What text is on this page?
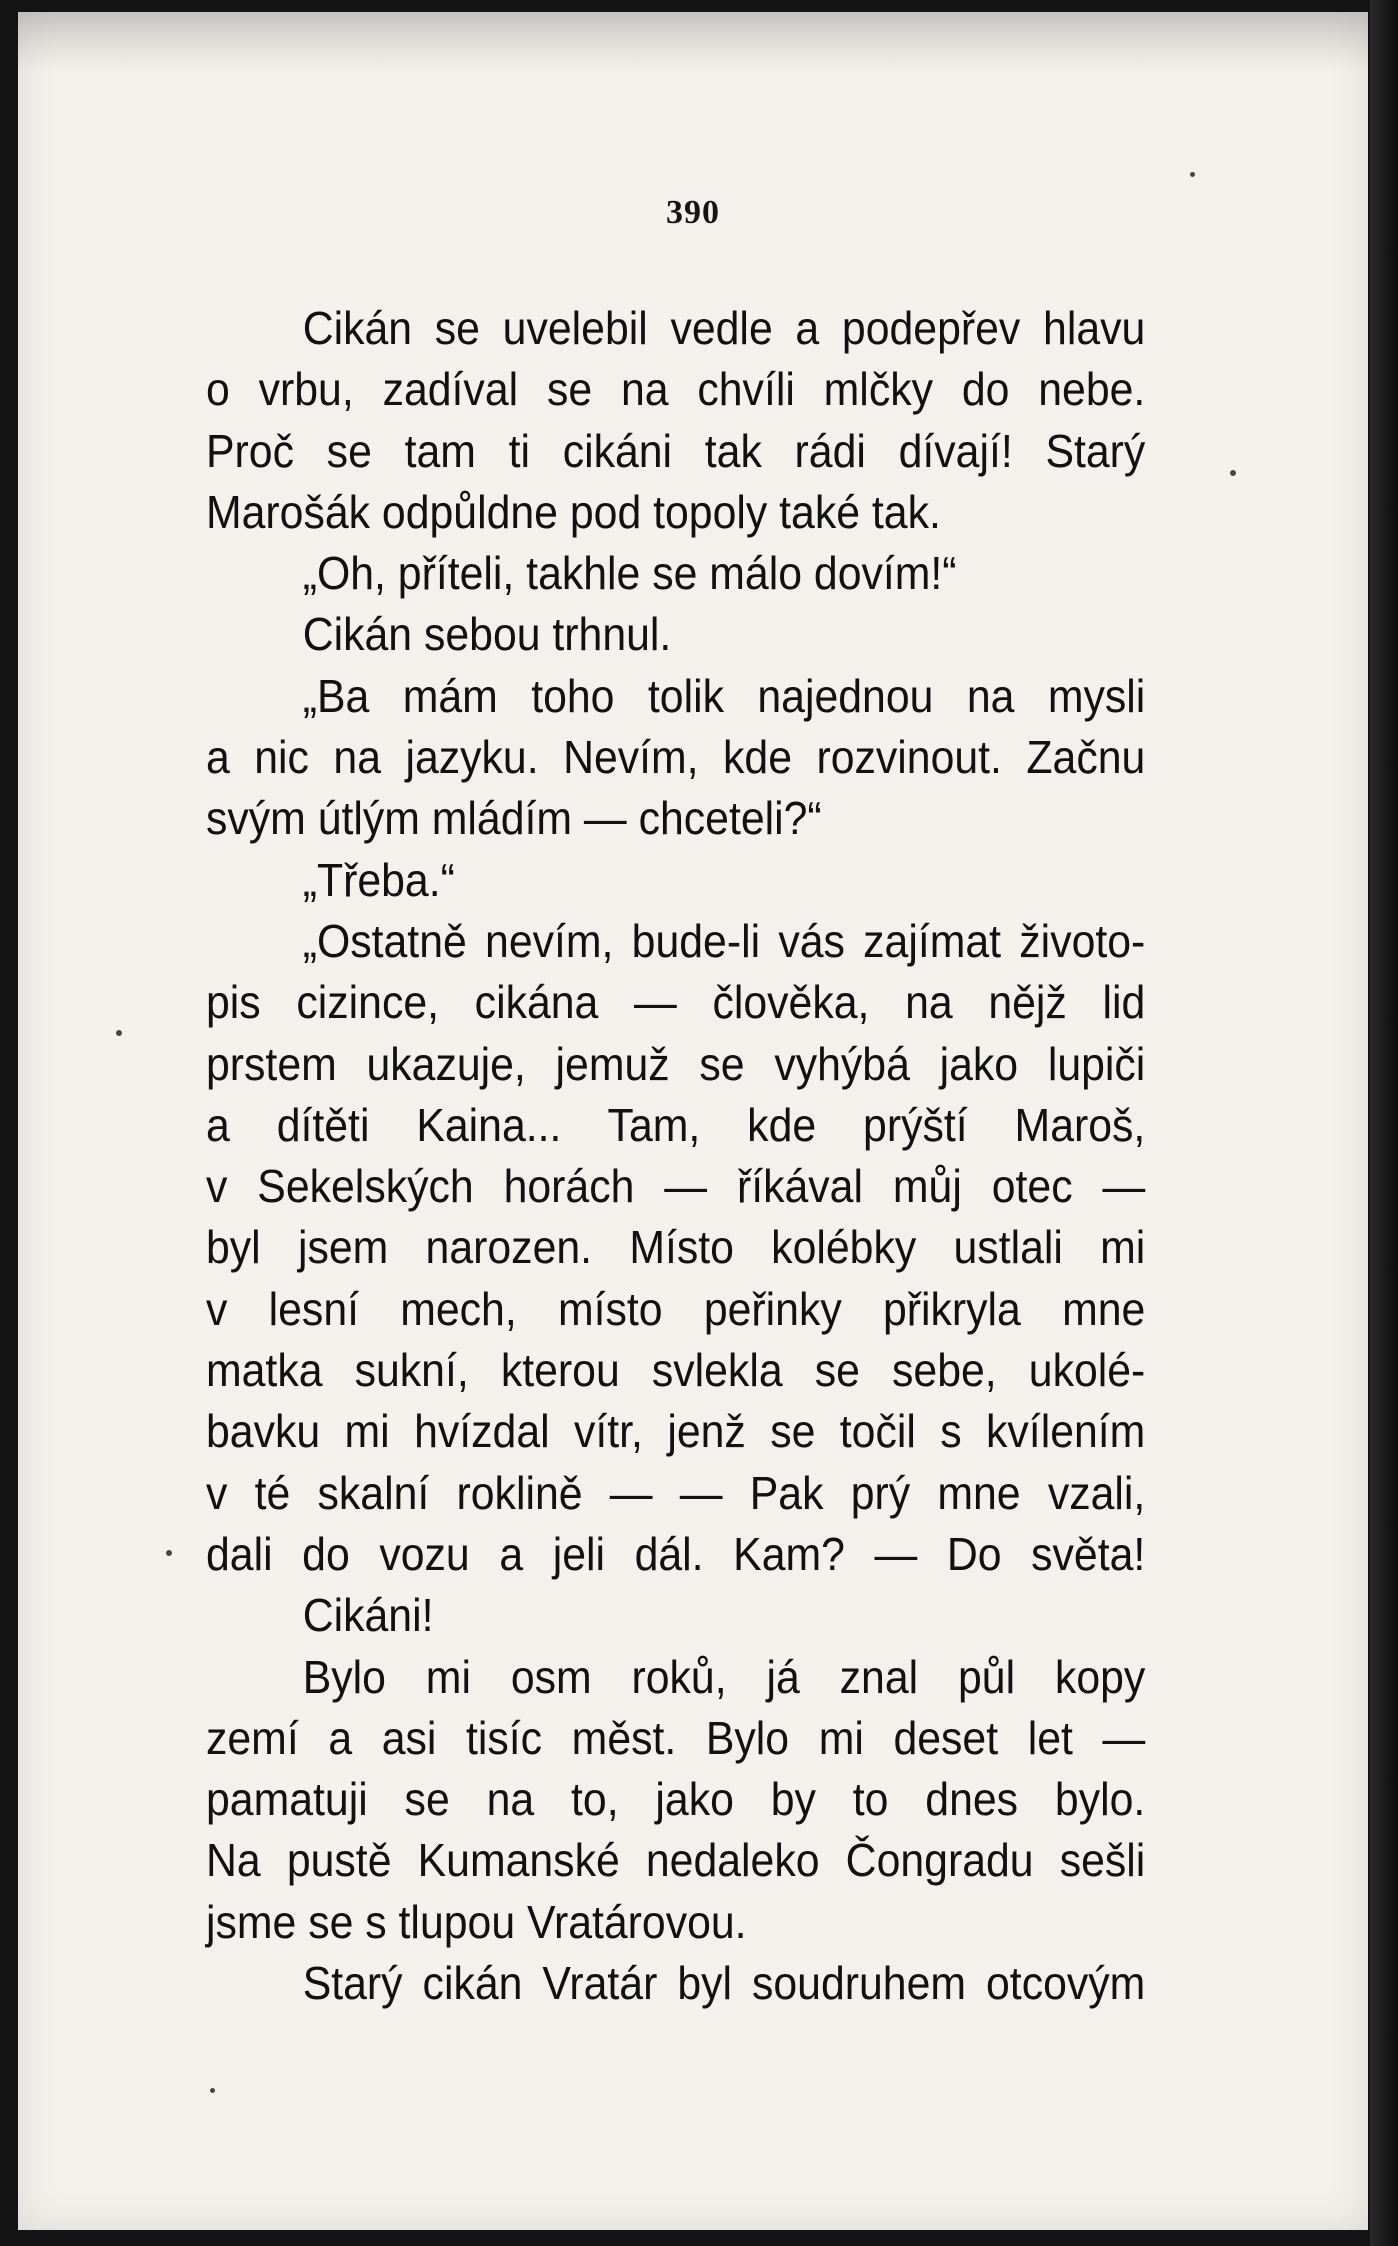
390
Cikán se uvelebil vedle a podepřev hlavu
o vrbu, zadíval se na chvíli mlčky do nebe.
Proč se tam ti cikáni tak rádi dívají! Starý
Marošák odpůldne pod topoly také tak.
„Oh, příteli, takhle se málo dovím!“
Cikán sebou trhnul.
„Ba mám toho tolik najednou na mysli
a nic na jazyku. Nevím, kde rozvinout. Začnu
svým útlým mládím — chceteli?“
„Třeba.“
„Ostatně nevím, bude-li vás zajímat životo-
pis cizince, cikána — člověka, na nějž lid
prstem ukazuje, jemuž se vyhýbá jako lupiči
a dítěti Kaina... Tam, kde prýští Maroš,
v Sekelských horách — říkával můj otec —
byl jsem narozen. Místo kolébky ustlali mi
v lesní mech, místo peřinky přikryla mne
matka sukní, kterou svlekla se sebe, ukolé-
bavku mi hvízdal vítr, jenž se točil s kvílením
v té skalní roklině — — Pak prý mne vzali,
dali do vozu a jeli dál. Kam? — Do světa!
Cikáni!
Bylo mi osm roků, já znal půl kopy
zemí a asi tisíc měst. Bylo mi deset let —
pamatuji se na to, jako by to dnes bylo.
Na pustě Kumanské nedaleko Čongradu sešli
jsme se s tlupou Vratárovou.
Starý cikán Vratár byl soudruhem otcovým
